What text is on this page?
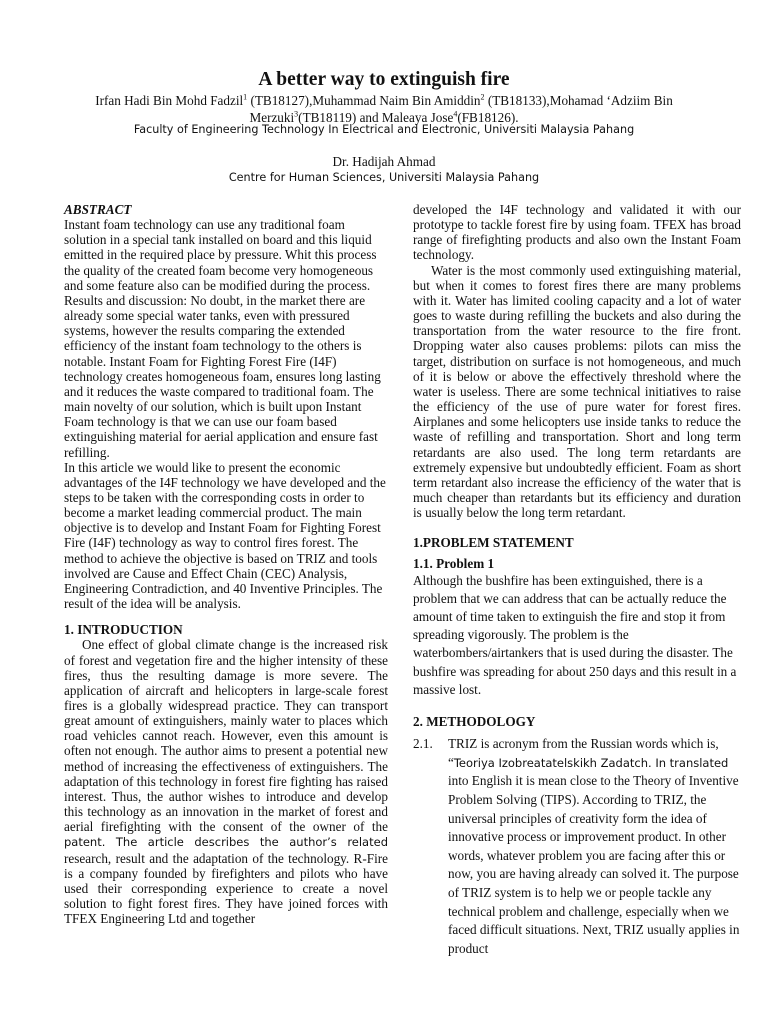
A better way to extinguish fire
Irfan Hadi Bin Mohd Fadzil$^1$ (TB18127),Muhammad Naim Bin Amiddin$^2$ (TB18133),Mohamad ‘Adziim Bin Merzuki$^3$(TB18119) and Maleaya Jose$^4$(FB18126).
Faculty of Engineering Technology In Electrical and Electronic, Universiti Malaysia Pahang
Dr. Hadijah Ahmad
Centre for Human Sciences, Universiti Malaysia Pahang
ABSTRACT

Instant foam technology can use any traditional foam solution in a special tank installed on board and this liquid emitted in the required place by pressure. Whit this process the quality of the created foam become very homogeneous and some feature also can be modified during the process. Results and discussion: No doubt, in the market there are already some special water tanks, even with pressured systems, however the results comparing the extended efficiency of the instant foam technology to the others is notable. Instant Foam for Fighting Forest Fire (I4F) technology creates homogeneous foam, ensures long lasting and it reduces the waste compared to traditional foam. The main novelty of our solution, which is built upon Instant Foam technology is that we can use our foam based extinguishing material for aerial application and ensure fast refilling.

In this article we would like to present the economic advantages of the I4F technology we have developed and the steps to be taken with the corresponding costs in order to become a market leading commercial product. The main objective is to develop and Instant Foam for Fighting Forest Fire (I4F) technology as way to control fires forest. The method to achieve the objective is based on TRIZ and tools involved are Cause and Effect Chain (CEC) Analysis, Engineering Contradiction, and 40 Inventive Principles. The result of the idea will be analysis.

1. INTRODUCTION

One effect of global climate change is the increased risk of forest and vegetation fire and the higher intensity of these fires, thus the resulting damage is more severe. The application of aircraft and helicopters in large-scale forest fires is a globally widespread practice. They can transport great amount of extinguishers, mainly water to places which road vehicles cannot reach. However, even this amount is often not enough. The author aims to present a potential new method of increasing the effectiveness of extinguishers. The adaptation of this technology in forest fire fighting has raised interest. Thus, the author wishes to introduce and develop this technology as an innovation in the market of forest and aerial firefighting with the consent of the owner of the patent. The article describes the author’s related research, result and the adaptation of the technology. R-Fire is a company founded by firefighters and pilots who have used their corresponding experience to create a novel solution to fight forest fires. They have joined forces with TFEX Engineering Ltd and together

developed the I4F technology and validated it with our prototype to tackle forest fire by using foam. TFEX has broad range of firefighting products and also own the Instant Foam technology.

Water is the most commonly used extinguishing material, but when it comes to forest fires there are many problems with it. Water has limited cooling capacity and a lot of water goes to waste during refilling the buckets and also during the transportation from the water resource to the fire front. Dropping water also causes problems: pilots can miss the target, distribution on surface is not homogeneous, and much of it is below or above the effectively threshold where the water is useless. There are some technical initiatives to raise the efficiency of the use of pure water for forest fires. Airplanes and some helicopters use inside tanks to reduce the waste of refilling and transportation. Short and long term retardants are also used. The long term retardants are extremely expensive but undoubtedly efficient. Foam as short term retardant also increase the efficiency of the water that is much cheaper than retardants but its efficiency and duration is usually below the long term retardant.

1.PROBLEM STATEMENT

1.1. Problem 1

Although the bushfire has been extinguished, there is a problem that we can address that can be actually reduce the amount of time taken to extinguish the fire and stop it from spreading vigorously. The problem is the waterbombers/airtankers that is used during the disaster. The bushfire was spreading for about 250 days and this result in a massive lost.

2. METHODOLOGY

2.1.	TRIZ is acronym from the Russian words which is, “Teoriya Izobreatatelskikh Zadatch. In translated into English it is mean close to the Theory of Inventive Problem Solving (TIPS). According to TRIZ, the universal principles of creativity form the idea of innovative process or improvement product. In other words, whatever problem you are facing after this or now, you are having already can solved it. The purpose of TRIZ system is to help we or people tackle any technical problem and challenge, especially when we faced difficult situations. Next, TRIZ usually applies in product
